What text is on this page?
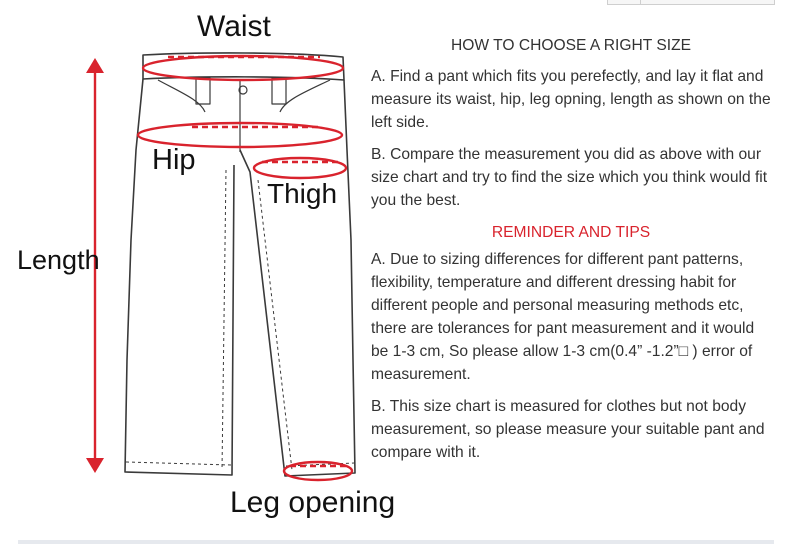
Waist
Hip
Thigh
Length
Leg opening
HOW TO CHOOSE A RIGHT SIZE

A. Find a pant which fits you perefectly, and lay it flat and measure its waist, hip, leg opning, length as shown on the left side.

B. Compare the measurement you did as above with our size chart and try to find the size which you think would fit you the best.

REMINDER AND TIPS

A. Due to sizing differences for different pant patterns, flexibility, temperature and different dressing habit for different people and personal measuring methods etc, there are tolerances for pant measurement and it would be 1-3 cm, So please allow 1-3 cm(0.4” -1.2”□ ) error of measurement.

B. This size chart is measured for clothes but not body measurement, so please measure your suitable pant and compare with it.
